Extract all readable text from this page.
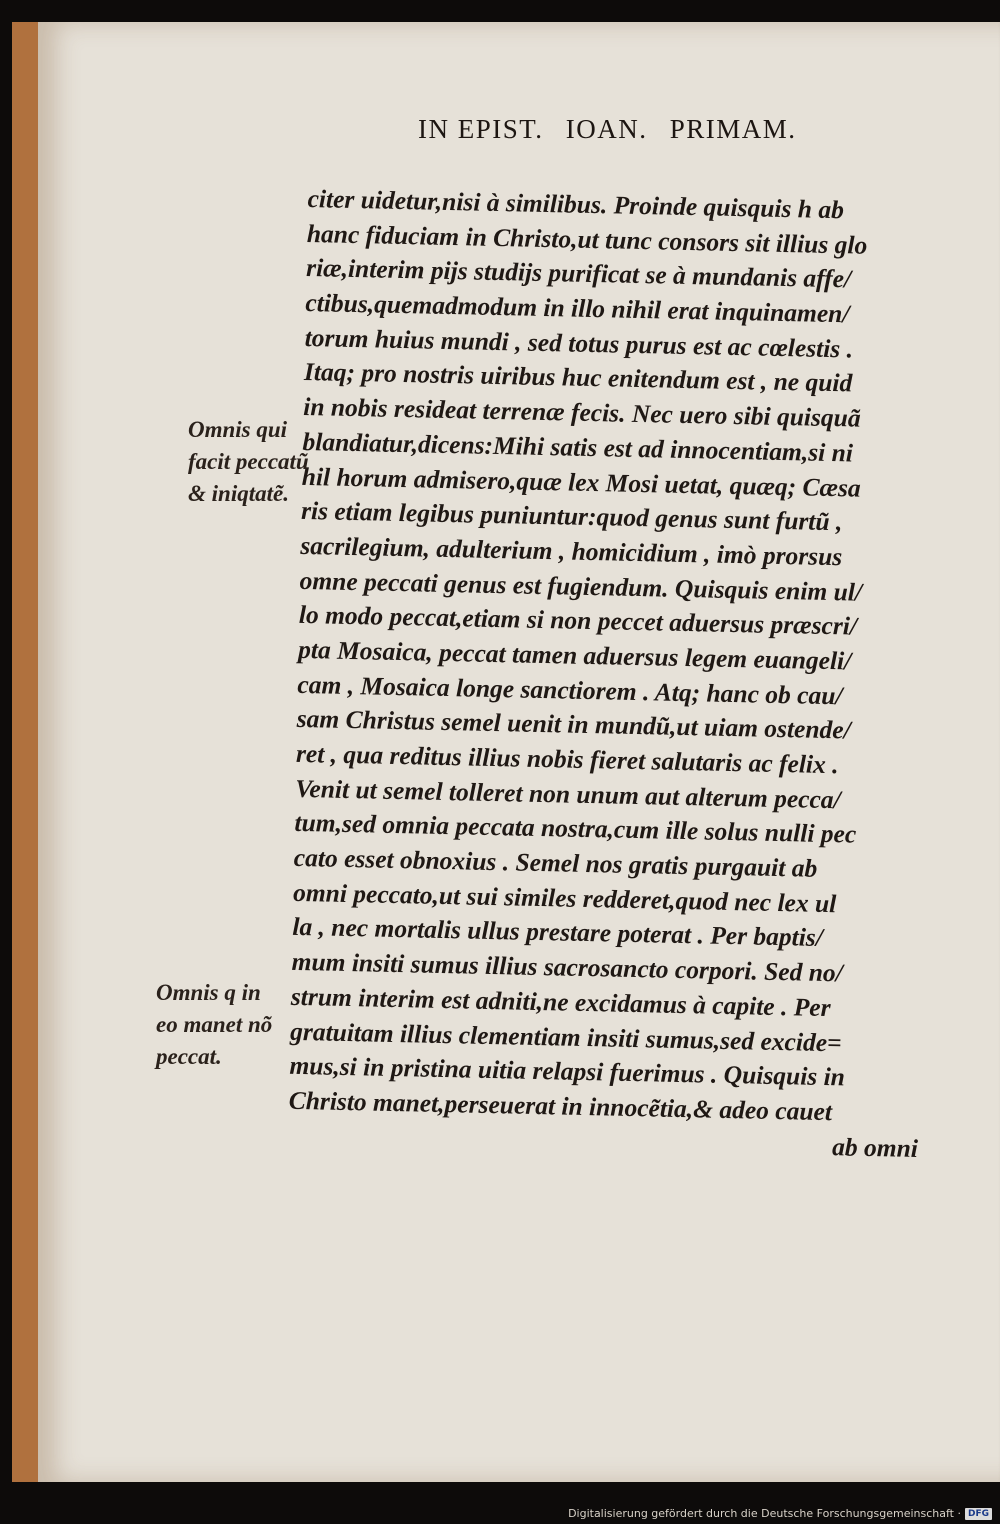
IN EPIST. IOAN. PRIMAM.
citer uidetur,nisi à similibus. Proinde quisquis h ab
hanc fiduciam in Christo,ut tunc consors sit illius glo
riæ,interim pijs studijs purificat se à mundanis affe/
ctibus,quemadmodum in illo nihil erat inquinamen/
torum huius mundi , sed totus purus est ac cœlestis .
Itaq; pro nostris uiribus huc enitendum est , ne quid
in nobis resideat terrenæ fecis. Nec uero sibi quisquã
blandiatur,dicens:Mihi satis est ad innocentiam,si ni
hil horum admisero,quæ lex Mosi uetat, quæq; Cæsa
ris etiam legibus puniuntur:quod genus sunt furtũ ,
sacrilegium, adulterium , homicidium , imò prorsus
omne peccati genus est fugiendum. Quisquis enim ul/
lo modo peccat,etiam si non peccet aduersus præscri/
pta Mosaica, peccat tamen aduersus legem euangeli/
cam , Mosaica longe sanctiorem . Atq; hanc ob cau/
sam Christus semel uenit in mundũ,ut uiam ostende/
ret , qua reditus illius nobis fieret salutaris ac felix .
Venit ut semel tolleret non unum aut alterum pecca/
tum,sed omnia peccata nostra,cum ille solus nulli pec
cato esset obnoxius . Semel nos gratis purgauit ab
omni peccato,ut sui similes redderet,quod nec lex ul
la , nec mortalis ullus prestare poterat . Per baptis/
mum insiti sumus illius sacrosancto corpori. Sed no/
strum interim est adniti,ne excidamus à capite . Per
gratuitam illius clementiam insiti sumus,sed excide=
mus,si in pristina uitia relapsi fuerimus . Quisquis in
Christo manet,perseuerat in innocẽtia,& adeo cauet
ab omni
Omnis qui
facit peccatũ
& iniqtatẽ.
Omnis q in
eo manet nõ
peccat.
Digitalisierung gefördert durch die Deutsche Forschungsgemeinschaft · DFG
